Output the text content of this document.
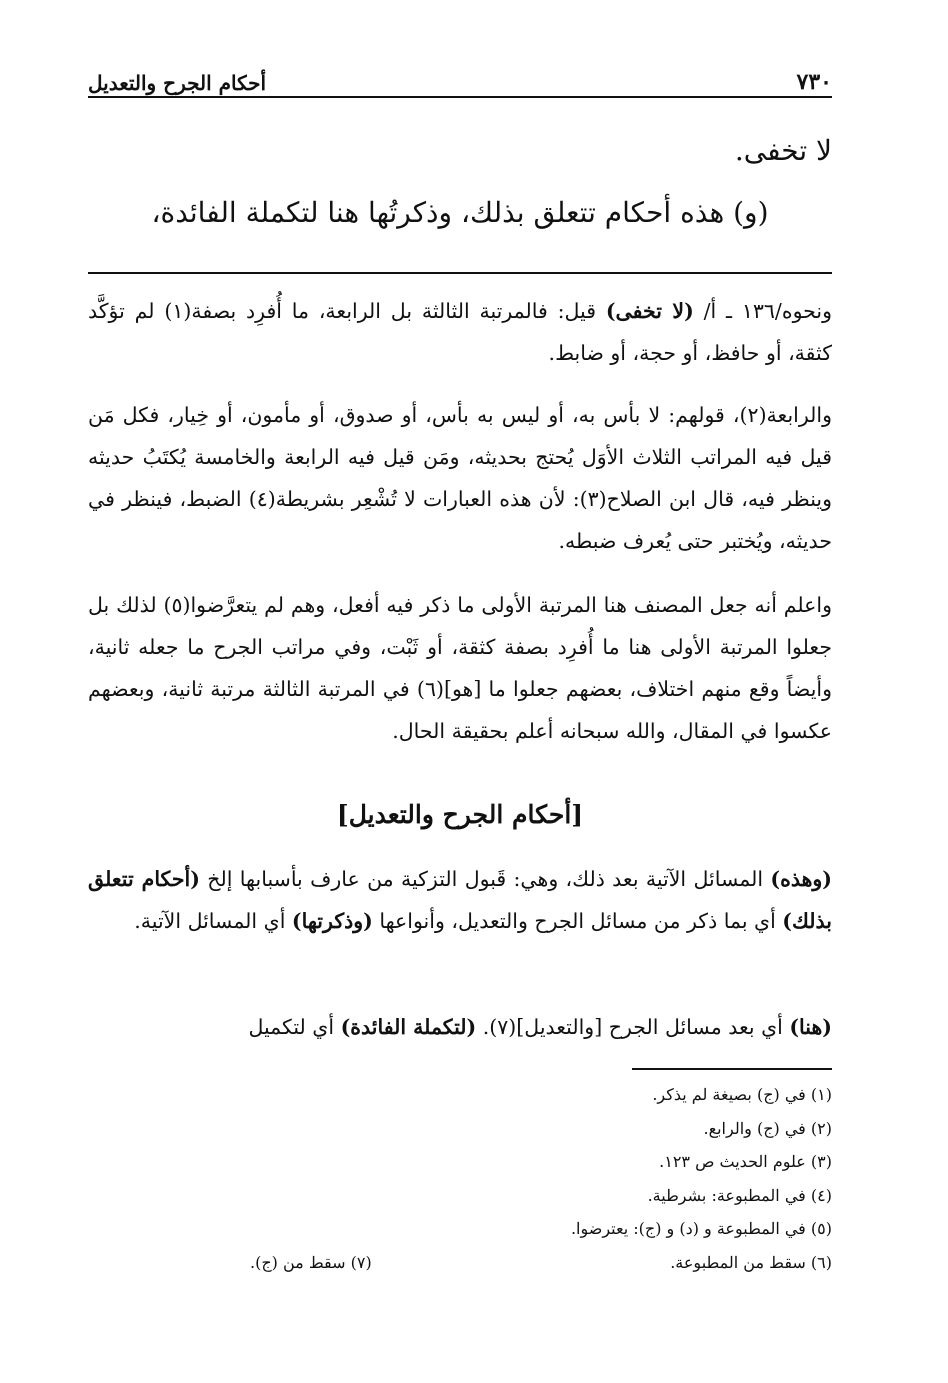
٧٣٠
أحكام الجرح والتعديل
لا تخفى.
(و) هذه أحكام تتعلق بذلك، وذكرتُها هنا لتكملة الفائدة،
ونحوه/١٣٦ ـ أ/ (لا تخفى) قيل: فالمرتبة الثالثة بل الرابعة، ما أُفرِد بصفة(١) لم تؤكَّد كثقة، أو حافظ، أو حجة، أو ضابط.
والرابعة(٢)، قولهم: لا بأس به، أو ليس به بأس، أو صدوق، أو مأمون، أو خِيار، فكل مَن قيل فيه المراتب الثلاث الأوَل يُحتج بحديثه، ومَن قيل فيه الرابعة والخامسة يُكتَبُ حديثه وينظر فيه، قال ابن الصلاح(٣): لأن هذه العبارات لا تُشْعِر بشريطة(٤) الضبط، فينظر في حديثه، ويُختبر حتى يُعرف ضبطه.
واعلم أنه جعل المصنف هنا المرتبة الأولى ما ذكر فيه أفعل، وهم لم يتعرَّضوا(٥) لذلك بل جعلوا المرتبة الأولى هنا ما أُفرِد بصفة كثقة، أو ثَبْت، وفي مراتب الجرح ما جعله ثانية، وأيضاً وقع منهم اختلاف، بعضهم جعلوا ما [هو](٦) في المرتبة الثالثة مرتبة ثانية، وبعضهم عكسوا في المقال، والله سبحانه أعلم بحقيقة الحال.
[أحكام الجرح والتعديل]
(وهذه) المسائل الآتية بعد ذلك، وهي: قَبول التزكية من عارف بأسبابها إلخ (أحكام تتعلق بذلك) أي بما ذكر من مسائل الجرح والتعديل، وأنواعها (وذكرتها) أي المسائل الآتية.
(هنا) أي بعد مسائل الجرح [والتعديل](٧). (لتكملة الفائدة) أي لتكميل
(١) في (ج) بصيغة لم يذكر.
(٢) في (ج) والرابع.
(٣) علوم الحديث ص ١٢٣.
(٤) في المطبوعة: بشرطية.
(٥) في المطبوعة و (د) و (ج): يعترضوا.
(٦) سقط من المطبوعة.
(٧) سقط من (ج).
